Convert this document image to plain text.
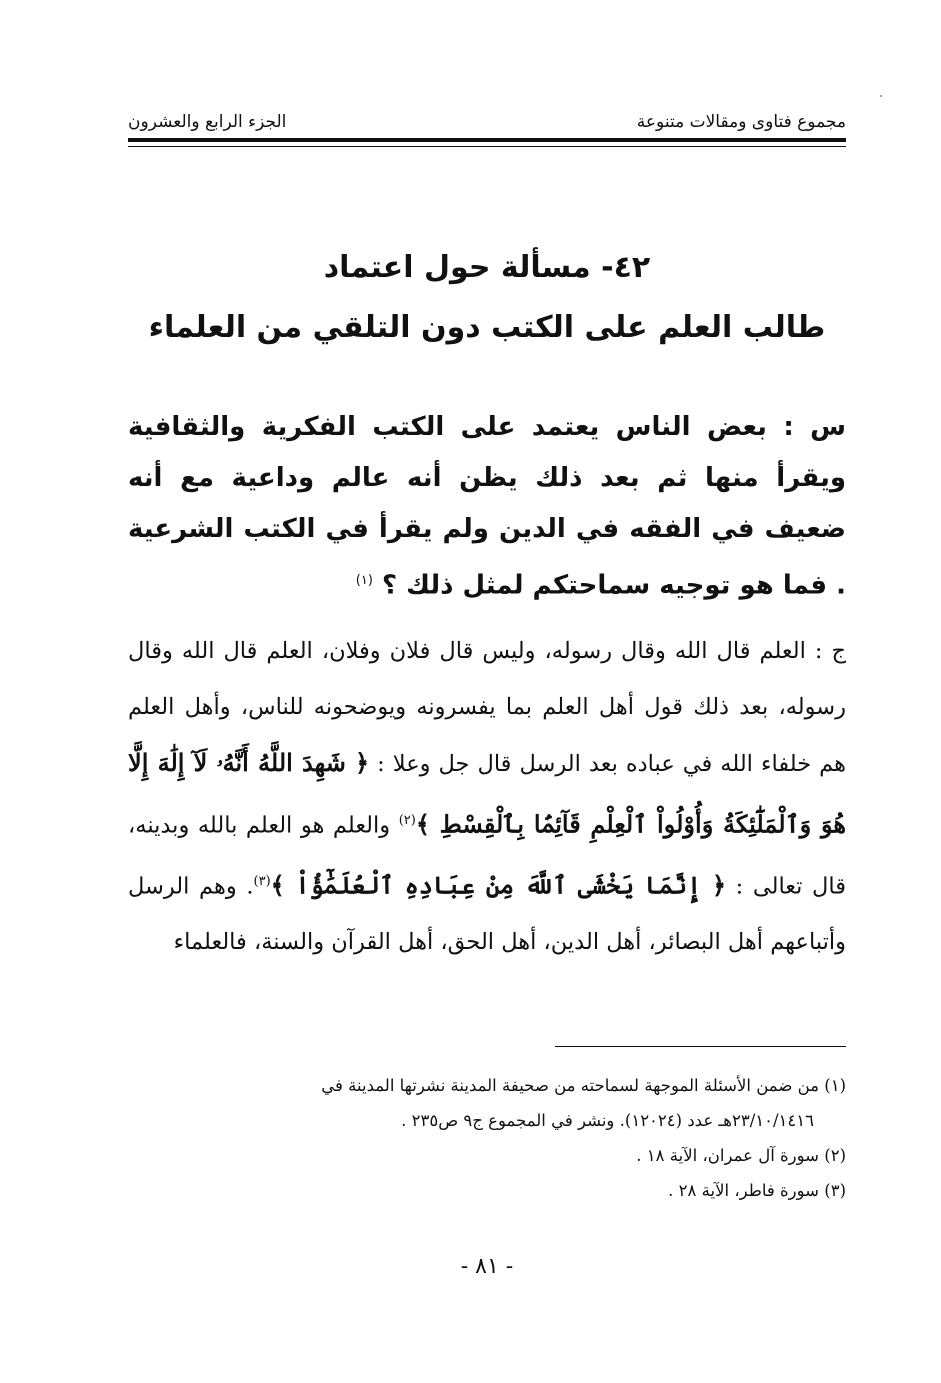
مجموع فتاوى ومقالات متنوعة
الجزء الرابع والعشرون
٤٢- مسألة حول اعتماد
طالب العلم على الكتب دون التلقي من العلماء
س : بعض الناس يعتمد على الكتب الفكرية والثقافية ويقرأ منها ثم بعد ذلك يظن أنه عالم وداعية مع أنه ضعيف في الفقه في الدين ولم يقرأ في الكتب الشرعية . فما هو توجيه سماحتكم لمثل ذلك ؟ $^{(١)}$
ج : العلم قال الله وقال رسوله، وليس قال فلان وفلان، العلم قال الله وقال رسوله، بعد ذلك قول أهل العلم بما يفسرونه ويوضحونه للناس، وأهل العلم هم خلفاء الله في عباده بعد الرسل قال جل وعلا : ﴿ شَهِدَ اللَّهُ أَنَّهُۥ لَآ إِلَٰهَ إِلَّا هُوَ وَٱلْمَلَٰٓئِكَةُ وَأُوْلُواْ ٱلْعِلْمِ قَآئِمَۢا بِٱلْقِسْطِ ﴾$^{(٢)}$ والعلم هو العلم بالله وبدينه، قال تعالى : ﴿ إِنَّمَا يَخْشَى ٱللَّهَ مِنْ عِبَادِهِ ٱلْعُلَمَٰٓؤُاْ ﴾$^{(٣)}$. وهم الرسل وأتباعهم أهل البصائر، أهل الدين، أهل الحق، أهل القرآن والسنة، فالعلماء

(١) من ضمن الأسئلة الموجهة لسماحته من صحيفة المدينة نشرتها المدينة في

٢٣/١٠/١٤١٦هـ عدد (١٢٠٢٤). ونشر في المجموع ج٩ ص٢٣٥ .

(٢) سورة آل عمران، الآية ١٨ .

(٣) سورة فاطر، الآية ٢٨ .

- ٨١ -
